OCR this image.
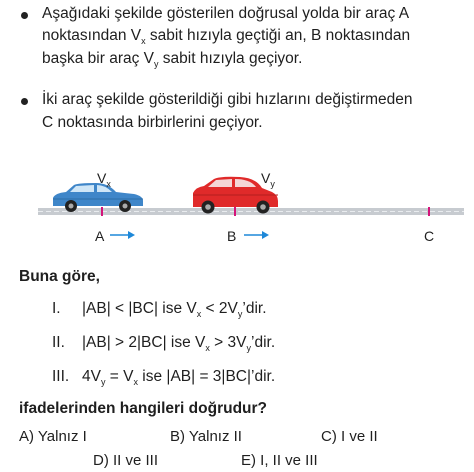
Aşağıdaki şekilde gösterilen doğrusal yolda bir araç A
noktasından $V_x$ sabit hızıyla geçtiği an, B noktasından
başka bir araç $V_y$ sabit hızıyla geçiyor.
İki araç şekilde gösterildiği gibi hızlarını değiştirmeden
C noktasında birbirlerini geçiyor.
$V_x$	$V_y$
A	B	C
Buna göre,
I. |AB| < |BC| ise $V_x$ < $2V_y’dir$.
II. |AB| > 2|BC| ise $V_x$ > $3V_y’dir$.
III. $4V_y = V_x$ ise |AB| = 3|BC|’dir.
ifadelerinden hangileri doğrudur?
A) Yalnız I	B) Yalnız II	C) I ve II
D) II ve III	E) I, II ve III
